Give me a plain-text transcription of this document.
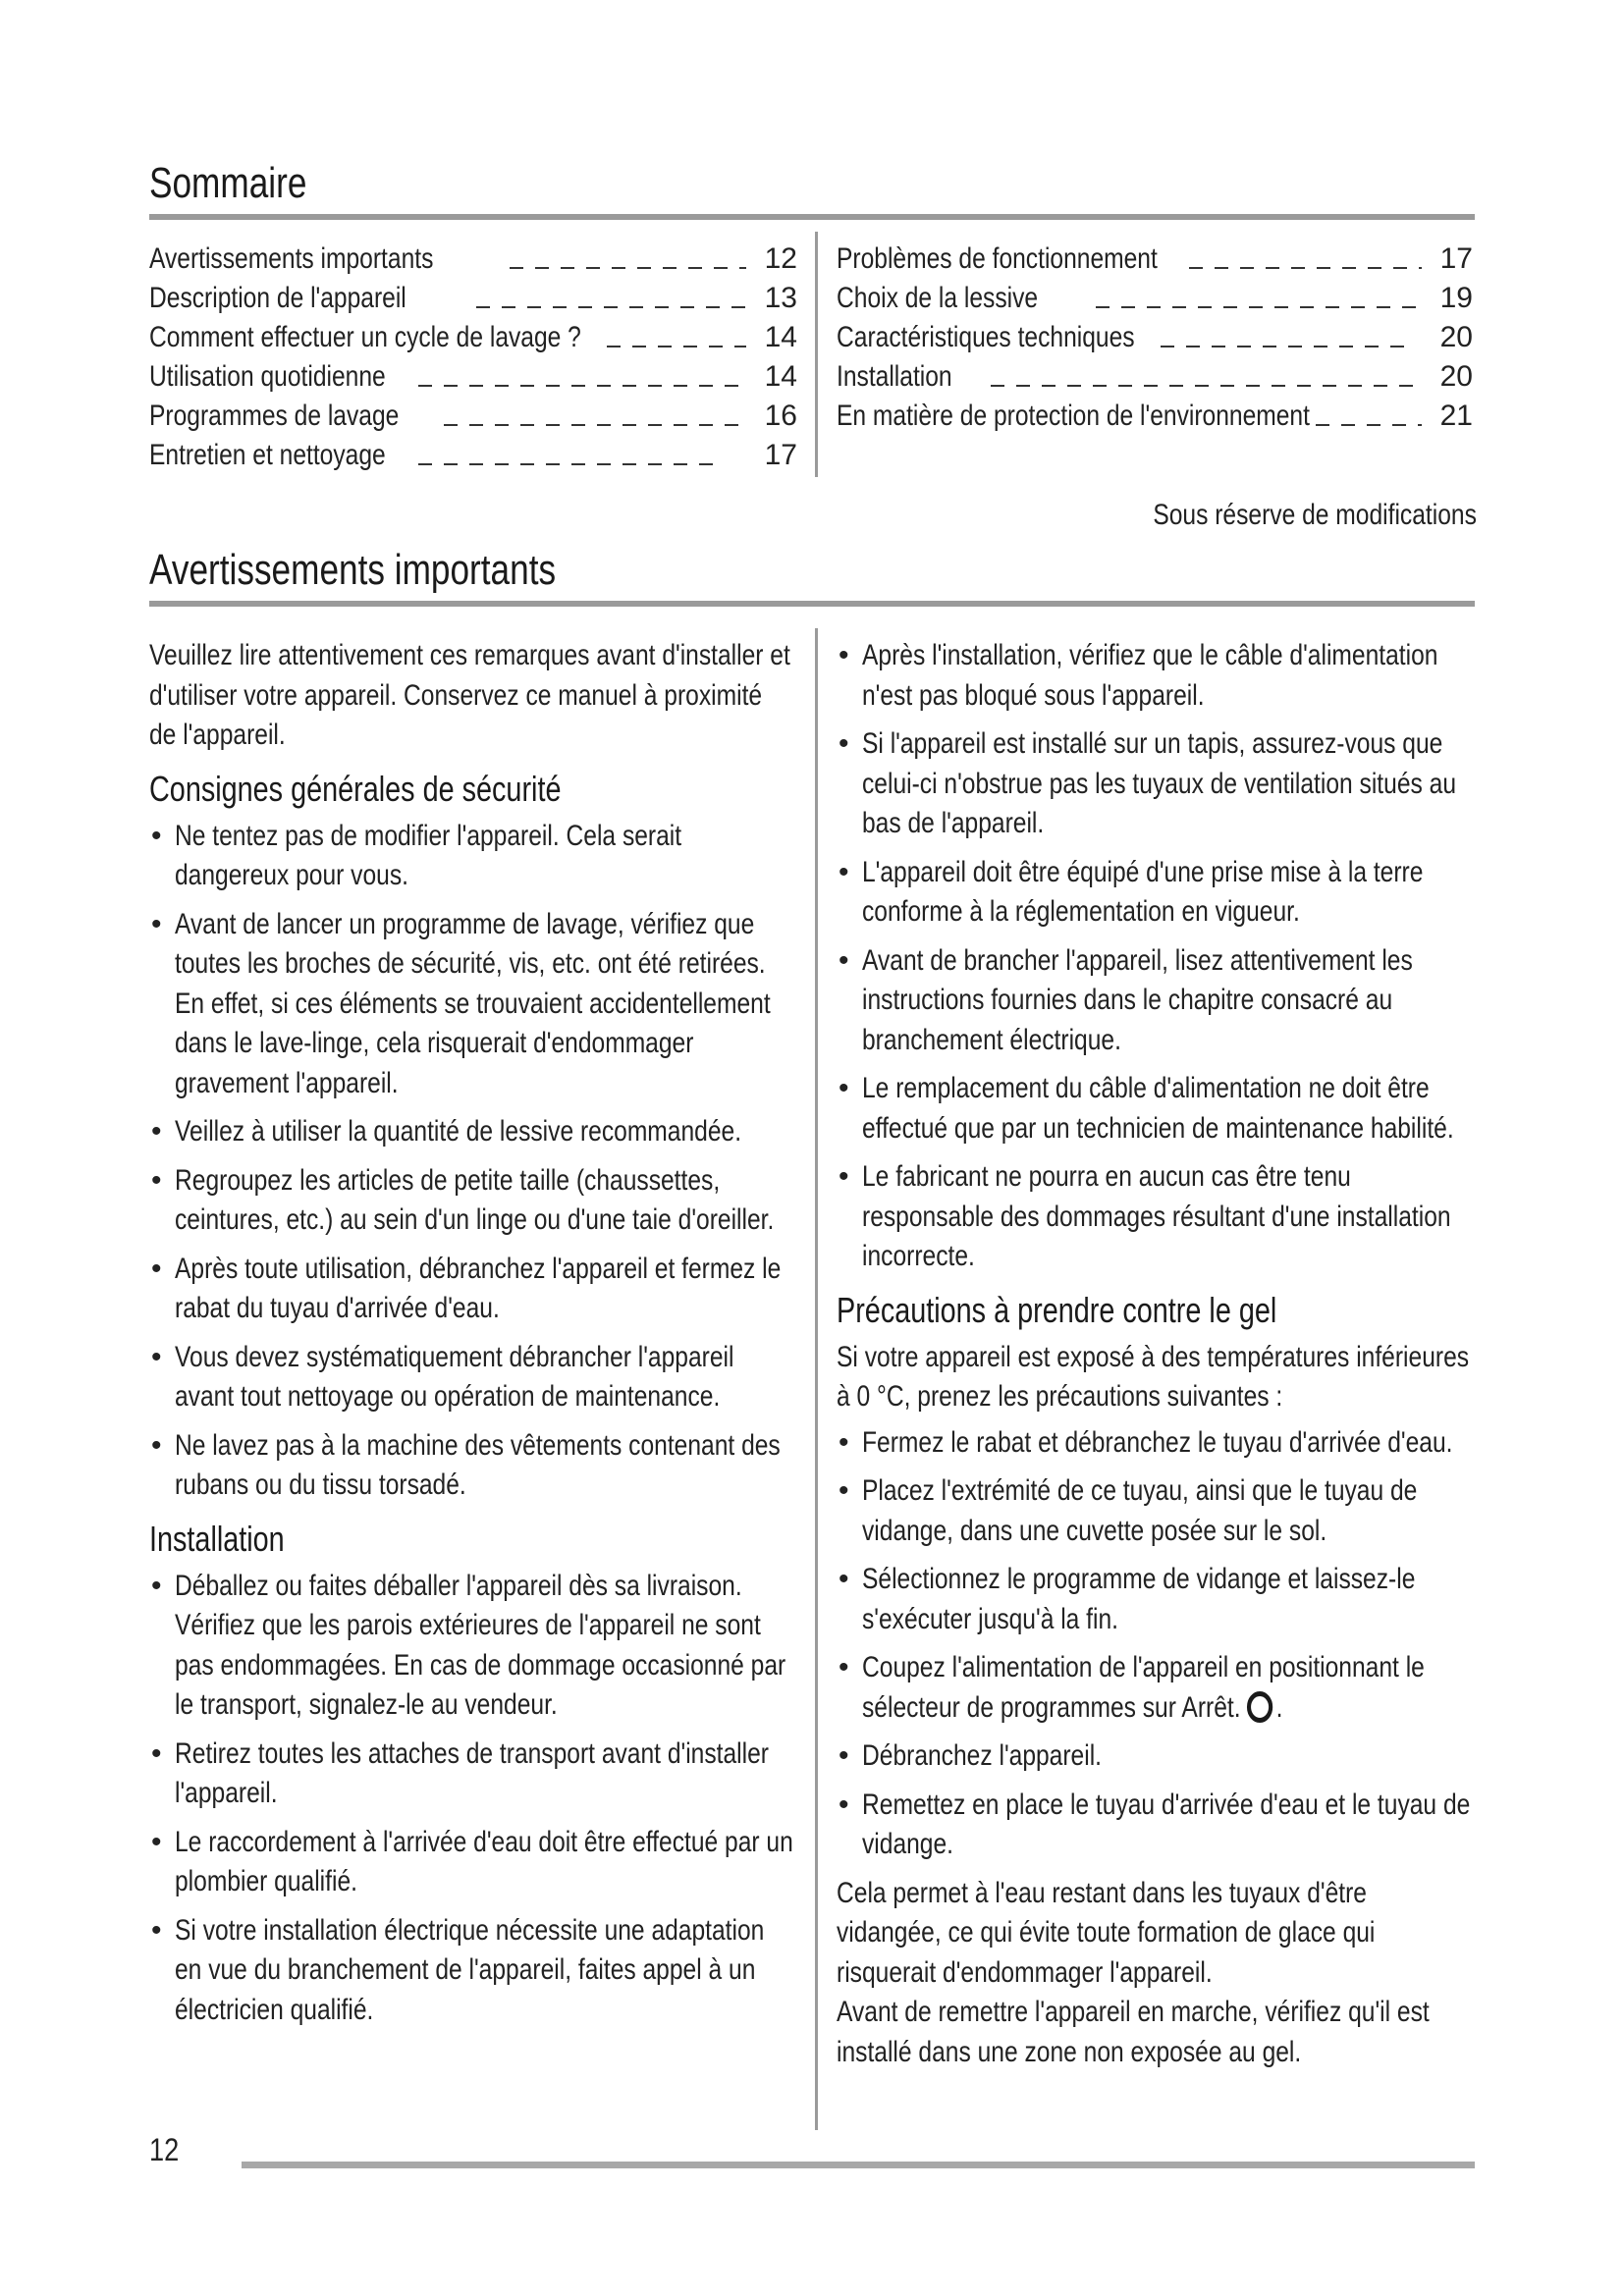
Sommaire
Avertissements importants	12
Description de l'appareil	13
Comment effectuer un cycle de lavage ?	14
Utilisation quotidienne	14
Programmes de lavage	16
Entretien et nettoyage	17
Problèmes de fonctionnement	17
Choix de la lessive	19
Caractéristiques techniques	20
Installation	20
En matière de protection de l'environnement	21
Sous réserve de modifications
Avertissements importants

Veuillez lire attentivement ces remarques avant d'installer et d'utiliser votre appareil. Conservez ce manuel à proximité de l'appareil.

Consignes générales de sécurité
• Ne tentez pas de modifier l'appareil. Cela serait dangereux pour vous.
• Avant de lancer un programme de lavage, vérifiez que toutes les broches de sécurité, vis, etc. ont été retirées. En effet, si ces éléments se trouvaient accidentellement dans le lave-linge, cela risquerait d'endommager gravement l'appareil.
• Veillez à utiliser la quantité de lessive recommandée.
• Regroupez les articles de petite taille (chaussettes, ceintures, etc.) au sein d'un linge ou d'une taie d'oreiller.
• Après toute utilisation, débranchez l'appareil et fermez le rabat du tuyau d'arrivée d'eau.
• Vous devez systématiquement débrancher l'appareil avant tout nettoyage ou opération de maintenance.
• Ne lavez pas à la machine des vêtements contenant des rubans ou du tissu torsadé.
Installation
• Déballez ou faites déballer l'appareil dès sa livraison. Vérifiez que les parois extérieures de l'appareil ne sont pas endommagées. En cas de dommage occasionné par le transport, signalez-le au vendeur.
• Retirez toutes les attaches de transport avant d'installer l'appareil.
• Le raccordement à l'arrivée d'eau doit être effectué par un plombier qualifié.
• Si votre installation électrique nécessite une adaptation en vue du branchement de l'appareil, faites appel à un électricien qualifié.
• Après l'installation, vérifiez que le câble d'alimentation n'est pas bloqué sous l'appareil.
• Si l'appareil est installé sur un tapis, assurez-vous que celui-ci n'obstrue pas les tuyaux de ventilation situés au bas de l'appareil.
• L'appareil doit être équipé d'une prise mise à la terre conforme à la réglementation en vigueur.
• Avant de brancher l'appareil, lisez attentivement les instructions fournies dans le chapitre consacré au branchement électrique.
• Le remplacement du câble d'alimentation ne doit être effectué que par un technicien de maintenance habilité.
• Le fabricant ne pourra en aucun cas être tenu responsable des dommages résultant d'une installation incorrecte.
Précautions à prendre contre le gel

Si votre appareil est exposé à des températures inférieures à 0 °C, prenez les précautions suivantes :

• Fermez le rabat et débranchez le tuyau d'arrivée d'eau.
• Placez l'extrémité de ce tuyau, ainsi que le tuyau de vidange, dans une cuvette posée sur le sol.
• Sélectionnez le programme de vidange et laissez-le s'exécuter jusqu'à la fin.
• Coupez l'alimentation de l'appareil en positionnant le sélecteur de programmes sur Arrêt. .
• Débranchez l'appareil.
• Remettez en place le tuyau d'arrivée d'eau et le tuyau de vidange.

Cela permet à l'eau restant dans les tuyaux d'être vidangée, ce qui évite toute formation de glace qui risquerait d'endommager l'appareil.

Avant de remettre l'appareil en marche, vérifiez qu'il est installé dans une zone non exposée au gel.

12
